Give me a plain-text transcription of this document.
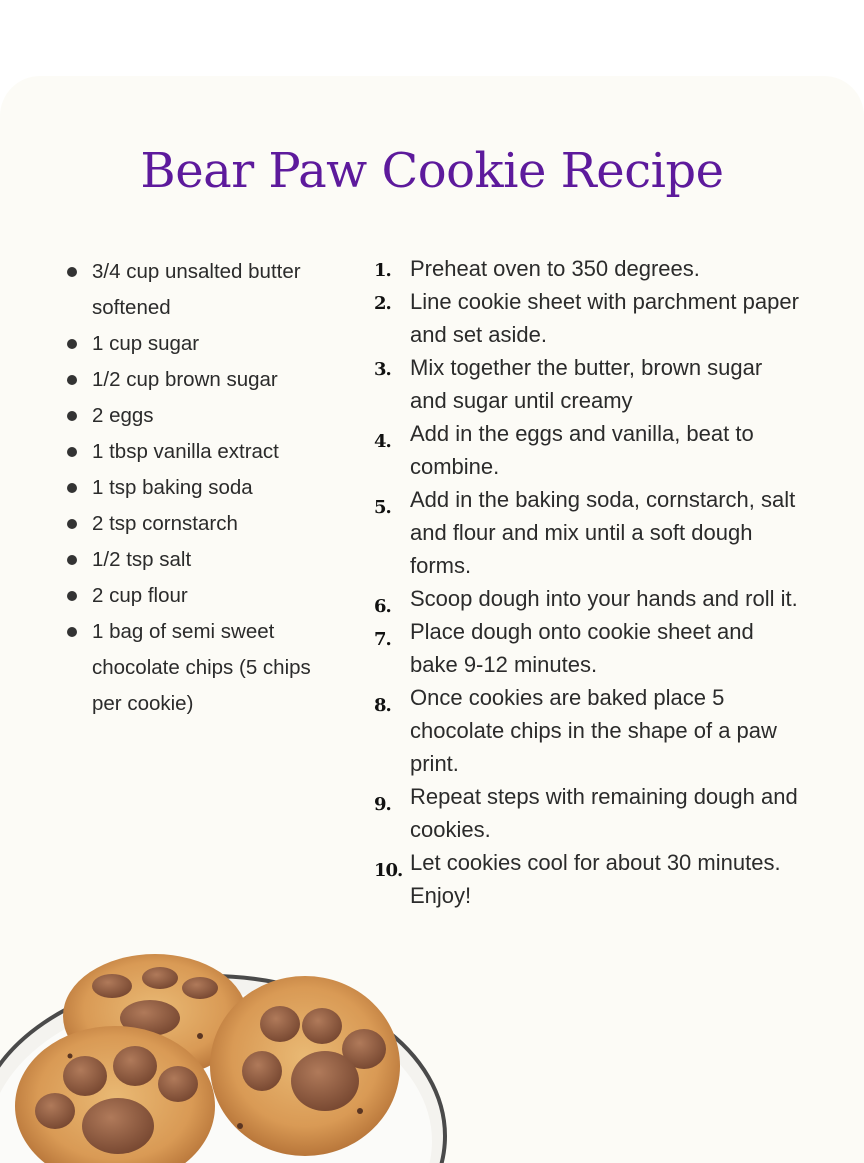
Bear Paw Cookie Recipe
3/4 cup unsalted butter softened
1 cup sugar
1/2 cup brown sugar
2 eggs
1 tbsp vanilla extract
1 tsp baking soda
2 tsp cornstarch
1/2 tsp salt
2 cup flour
1 bag of semi sweet chocolate chips (5 chips per cookie)
1. Preheat oven to 350 degrees.
2. Line cookie sheet with parchment paper and set aside.
3. Mix together the butter, brown sugar and sugar until creamy
4. Add in the eggs and vanilla, beat to combine.
5. Add in the baking soda, cornstarch, salt and flour and mix until a soft dough forms.
6. Scoop dough into your hands and roll it.
7. Place dough onto cookie sheet and bake 9-12 minutes.
8. Once cookies are baked place 5 chocolate chips in the shape of a paw print.
9. Repeat steps with remaining dough and cookies.
10. Let cookies cool for about 30 minutes. Enjoy!
